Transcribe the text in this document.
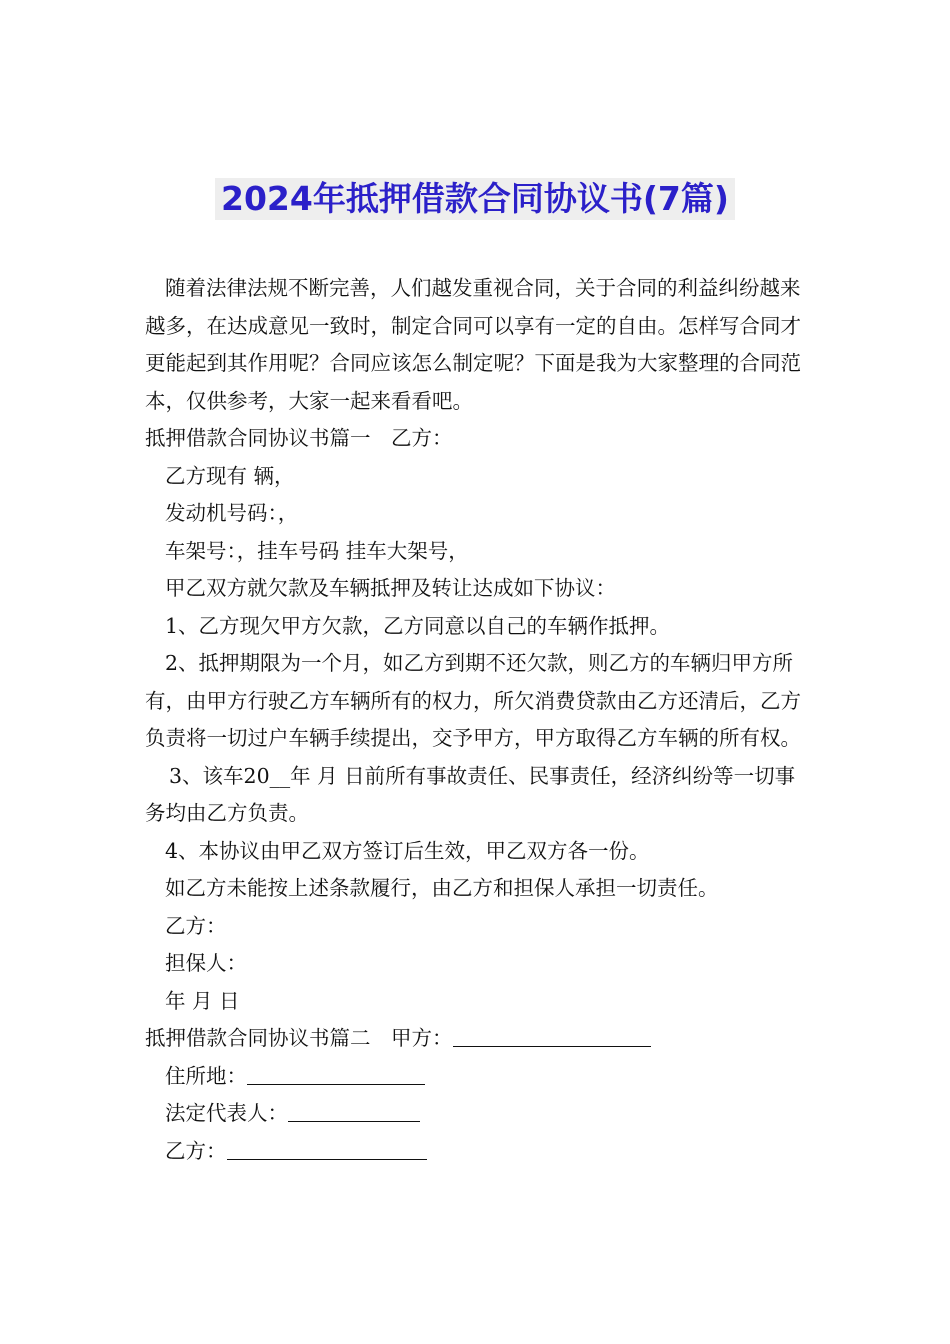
2024年抵押借款合同协议书(7篇)

随着法律法规不断完善，人们越发重视合同，关于合同的利益纠纷越来越多，在达成意见一致时，制定合同可以享有一定的自由。怎样写合同才更能起到其作用呢？合同应该怎么制定呢？下面是我为大家整理的合同范本，仅供参考，大家一起来看看吧。

抵押借款合同协议书篇一　乙方：

乙方现有 辆，

发动机号码：，

车架号：，挂车号码 挂车大架号，

甲乙双方就欠款及车辆抵押及转让达成如下协议：

1、乙方现欠甲方欠款，乙方同意以自己的车辆作抵押。

2、抵押期限为一个月，如乙方到期不还欠款，则乙方的车辆归甲方所有，由甲方行驶乙方车辆所有的权力，所欠消费贷款由乙方还清后，乙方负责将一切过户车辆手续提出，交予甲方，甲方取得乙方车辆的所有权。

3、该车20__年 月 日前所有事故责任、民事责任，经济纠纷等一切事务均由乙方负责。

4、本协议由甲乙双方签订后生效，甲乙双方各一份。

如乙方未能按上述条款履行，由乙方和担保人承担一切责任。

乙方：

担保人：

年 月 日

抵押借款合同协议书篇二　甲方：

住所地：

法定代表人：

乙方：
